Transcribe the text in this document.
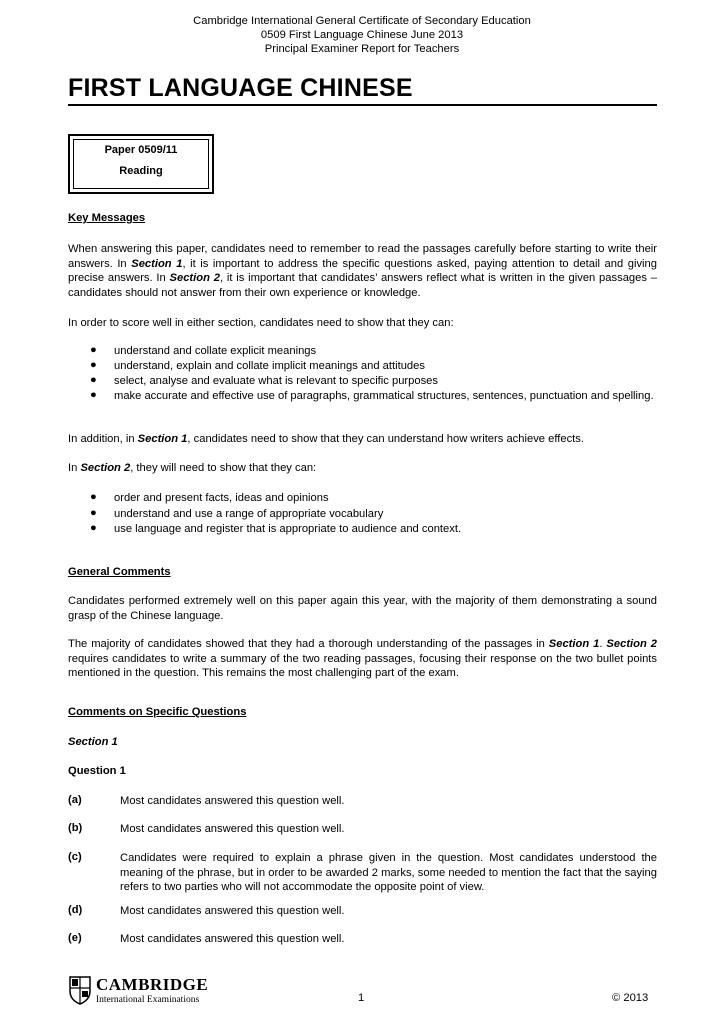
Cambridge International General Certificate of Secondary Education
0509 First Language Chinese June 2013
Principal Examiner Report for Teachers
FIRST LANGUAGE CHINESE
Paper 0509/11
Reading
Key Messages
When answering this paper, candidates need to remember to read the passages carefully before starting to write their answers. In Section 1, it is important to address the specific questions asked, paying attention to detail and giving precise answers. In Section 2, it is important that candidates’ answers reflect what is written in the given passages – candidates should not answer from their own experience or knowledge.
In order to score well in either section, candidates need to show that they can:
● understand and collate explicit meanings
● understand, explain and collate implicit meanings and attitudes
● select, analyse and evaluate what is relevant to specific purposes
● make accurate and effective use of paragraphs, grammatical structures, sentences, punctuation and spelling.
In addition, in Section 1, candidates need to show that they can understand how writers achieve effects.
In Section 2, they will need to show that they can:
● order and present facts, ideas and opinions
● understand and use a range of appropriate vocabulary
● use language and register that is appropriate to audience and context.
General Comments
Candidates performed extremely well on this paper again this year, with the majority of them demonstrating a sound grasp of the Chinese language.
The majority of candidates showed that they had a thorough understanding of the passages in Section 1. Section 2 requires candidates to write a summary of the two reading passages, focusing their response on the two bullet points mentioned in the question. This remains the most challenging part of the exam.
Comments on Specific Questions
Section 1
Question 1
(a)	Most candidates answered this question well.
(b)	Most candidates answered this question well.
(c)	Candidates were required to explain a phrase given in the question. Most candidates understood the meaning of the phrase, but in order to be awarded 2 marks, some needed to mention the fact that the saying refers to two parties who will not accommodate the opposite point of view.
(d)	Most candidates answered this question well.
(e)	Most candidates answered this question well.
CAMBRIDGE
International Examinations	1	© 2013
